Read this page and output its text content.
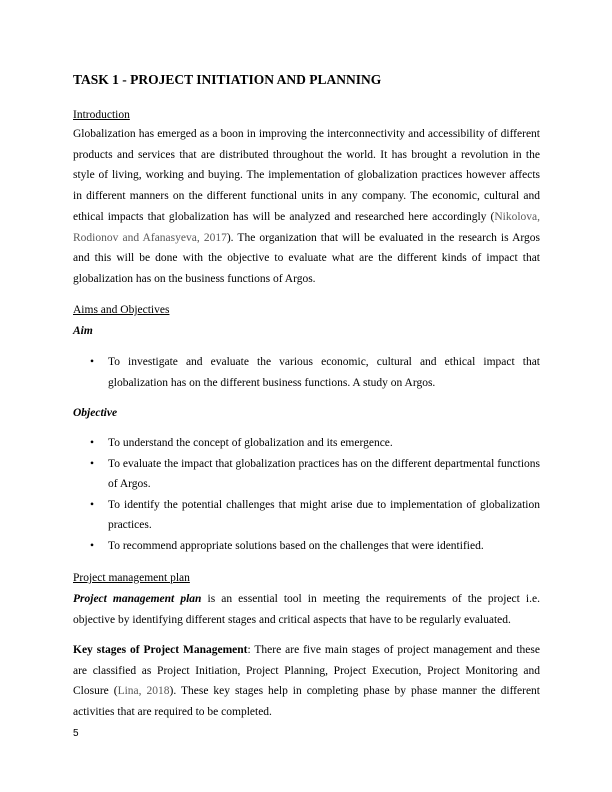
TASK 1 - PROJECT INITIATION AND PLANNING
Introduction
Globalization has emerged as a boon in improving the interconnectivity and accessibility of different products and services that are distributed throughout the world. It has brought a revolution in the style of living, working and buying. The implementation of globalization practices however affects in different manners on the different functional units in any company. The economic, cultural and ethical impacts that globalization has will be analyzed and researched here accordingly (Nikolova, Rodionov and Afanasyeva, 2017). The organization that will be evaluated in the research is Argos and this will be done with the objective to evaluate what are the different kinds of impact that globalization has on the business functions of Argos.
Aims and Objectives
Aim
• To investigate and evaluate the various economic, cultural and ethical impact that globalization has on the different business functions. A study on Argos.
Objective
• To understand the concept of globalization and its emergence.
• To evaluate the impact that globalization practices has on the different departmental functions of Argos.
• To identify the potential challenges that might arise due to implementation of globalization practices.
• To recommend appropriate solutions based on the challenges that were identified.
Project management plan
Project management plan is an essential tool in meeting the requirements of the project i.e. objective by identifying different stages and critical aspects that have to be regularly evaluated.
Key stages of Project Management: There are five main stages of project management and these are classified as Project Initiation, Project Planning, Project Execution, Project Monitoring and Closure (Lina, 2018). These key stages help in completing phase by phase manner the different activities that are required to be completed.
5
